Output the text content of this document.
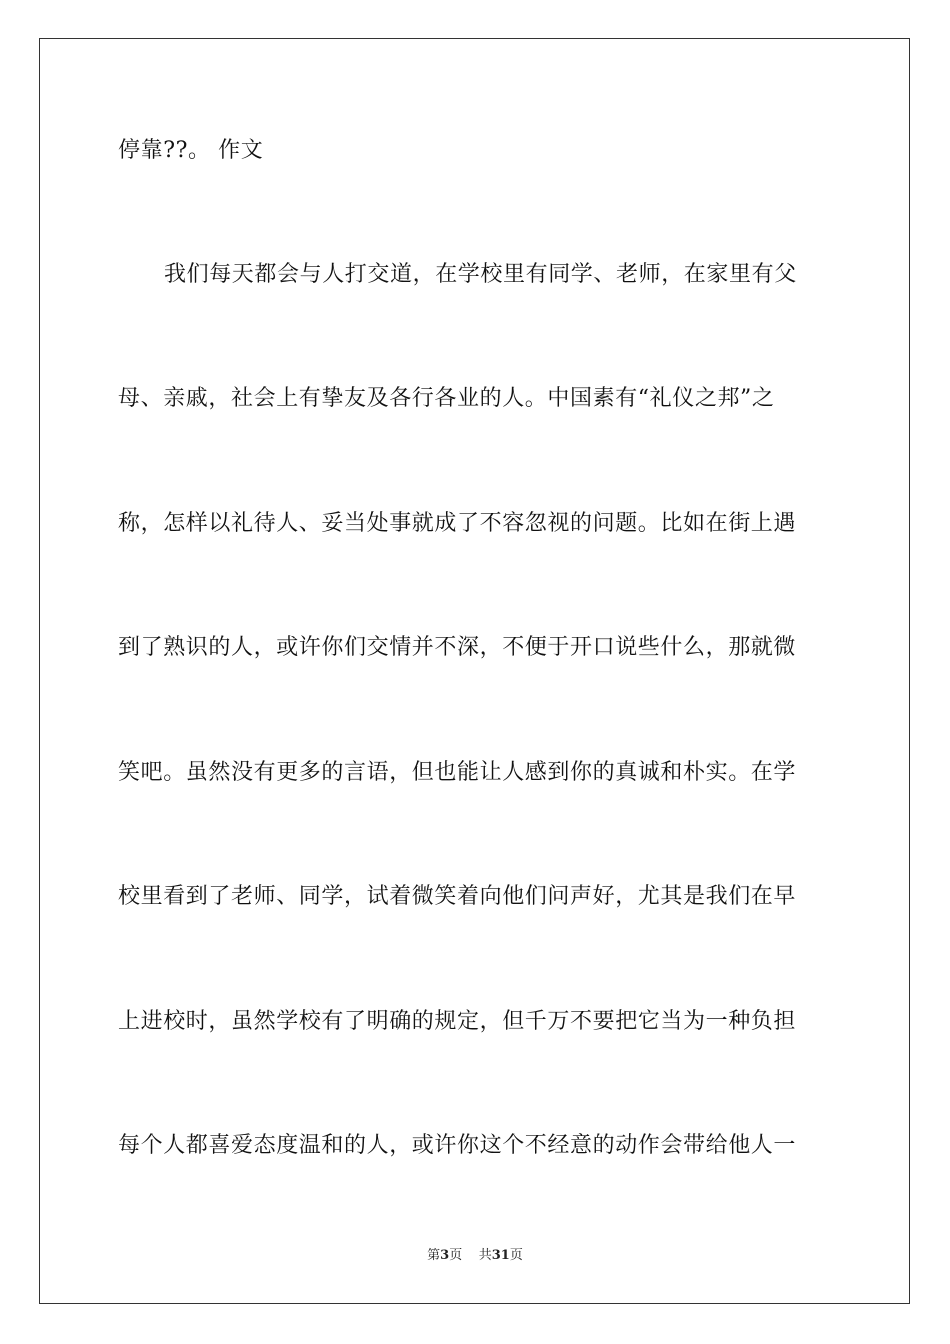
停靠??。 作文
我们每天都会与人打交道，在学校里有同学、老师，在家里有父
母、亲戚，社会上有挚友及各行各业的人。中国素有“礼仪之邦”之
称，怎样以礼待人、妥当处事就成了不容忽视的问题。比如在街上遇
到了熟识的人，或许你们交情并不深，不便于开口说些什么，那就微
笑吧。虽然没有更多的言语，但也能让人感到你的真诚和朴实。在学
校里看到了老师、同学，试着微笑着向他们问声好，尤其是我们在早
上进校时，虽然学校有了明确的规定，但千万不要把它当为一种负担
每个人都喜爱态度温和的人，或许你这个不经意的动作会带给他人一
第3页 共31页
